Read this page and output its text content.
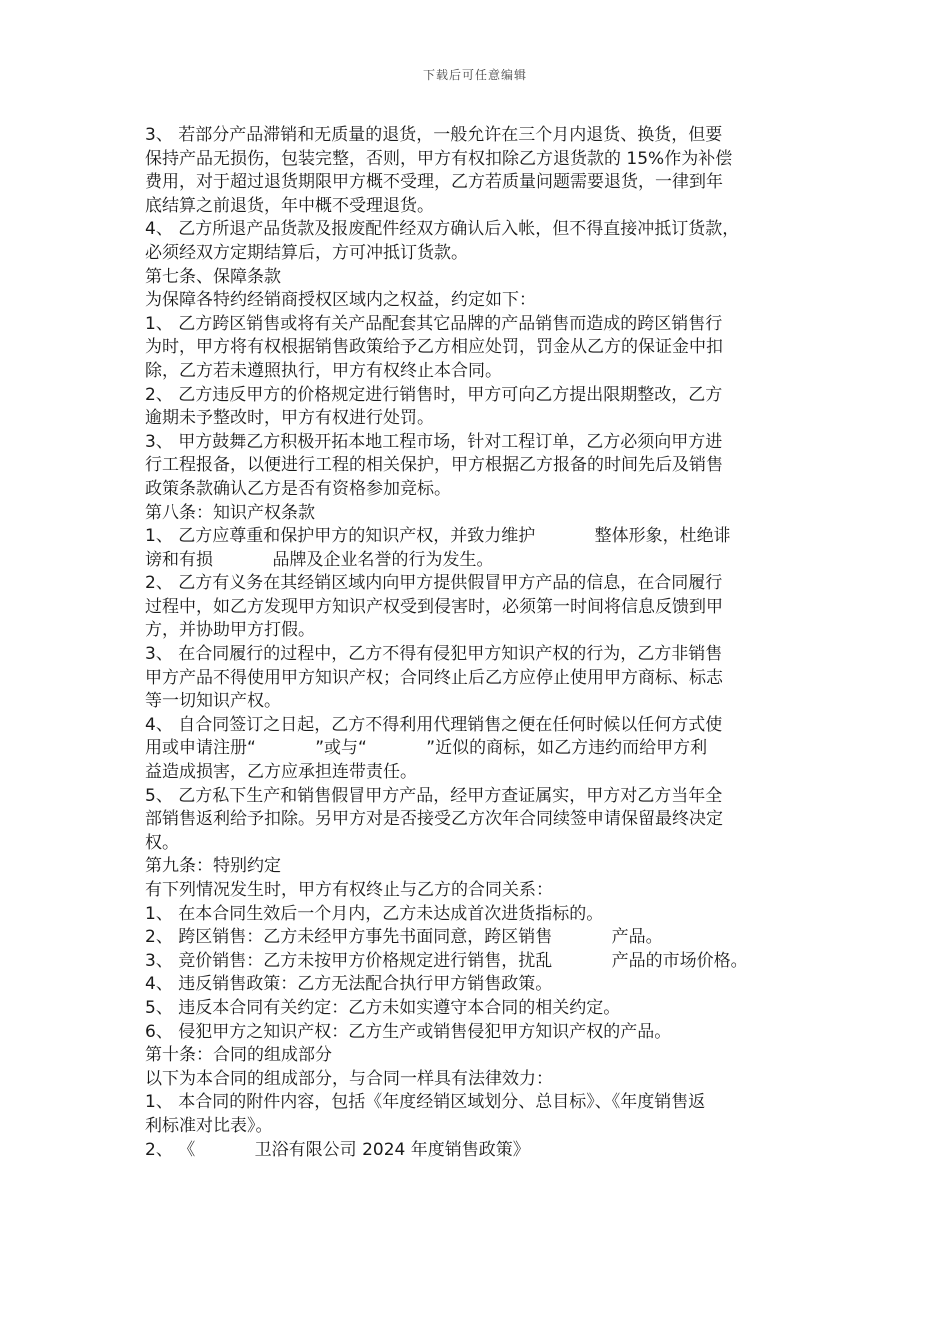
下载后可任意编辑
3、 若部分产品滞销和无质量的退货，一般允许在三个月内退货、换货，但要
保持产品无损伤，包装完整，否则，甲方有权扣除乙方退货款的 15%作为补偿
费用，对于超过退货期限甲方概不受理，乙方若质量问题需要退货，一律到年
底结算之前退货，年中概不受理退货。
4、 乙方所退产品货款及报废配件经双方确认后入帐，但不得直接冲抵订货款，
必须经双方定期结算后，方可冲抵订货款。
第七条、保障条款
为保障各特约经销商授权区域内之权益，约定如下：
1、 乙方跨区销售或将有关产品配套其它品牌的产品销售而造成的跨区销售行
为时，甲方将有权根据销售政策给予乙方相应处罚，罚金从乙方的保证金中扣
除，乙方若未遵照执行，甲方有权终止本合同。
2、 乙方违反甲方的价格规定进行销售时，甲方可向乙方提出限期整改，乙方
逾期未予整改时，甲方有权进行处罚。
3、 甲方鼓舞乙方积极开拓本地工程市场，针对工程订单，乙方必须向甲方进
行工程报备，以便进行工程的相关保护，甲方根据乙方报备的时间先后及销售
政策条款确认乙方是否有资格参加竞标。
第八条：知识产权条款
1、 乙方应尊重和保护甲方的知识产权，并致力维护           整体形象，杜绝诽
谤和有损           品牌及企业名誉的行为发生。
2、 乙方有义务在其经销区域内向甲方提供假冒甲方产品的信息，在合同履行
过程中，如乙方发现甲方知识产权受到侵害时，必须第一时间将信息反馈到甲
方，并协助甲方打假。
3、 在合同履行的过程中，乙方不得有侵犯甲方知识产权的行为，乙方非销售
甲方产品不得使用甲方知识产权；合同终止后乙方应停止使用甲方商标、标志
等一切知识产权。
4、 自合同签订之日起，乙方不得利用代理销售之便在任何时候以任何方式使
用或申请注册“           ”或与“           ”近似的商标，如乙方违约而给甲方利
益造成损害，乙方应承担连带责任。
5、 乙方私下生产和销售假冒甲方产品，经甲方查证属实，甲方对乙方当年全
部销售返利给予扣除。另甲方对是否接受乙方次年合同续签申请保留最终决定
权。
第九条：特别约定
有下列情况发生时，甲方有权终止与乙方的合同关系：
1、 在本合同生效后一个月内，乙方未达成首次进货指标的。
2、 跨区销售：乙方未经甲方事先书面同意，跨区销售           产品。
3、 竞价销售：乙方未按甲方价格规定进行销售，扰乱           产品的市场价格。
4、 违反销售政策：乙方无法配合执行甲方销售政策。
5、 违反本合同有关约定：乙方未如实遵守本合同的相关约定。
6、 侵犯甲方之知识产权：乙方生产或销售侵犯甲方知识产权的产品。
第十条：合同的组成部分
以下为本合同的组成部分，与合同一样具有法律效力：
1、 本合同的附件内容，包括《年度经销区域划分、总目标》、《年度销售返
利标准对比表》。
2、 《           卫浴有限公司 2024 年度销售政策》
